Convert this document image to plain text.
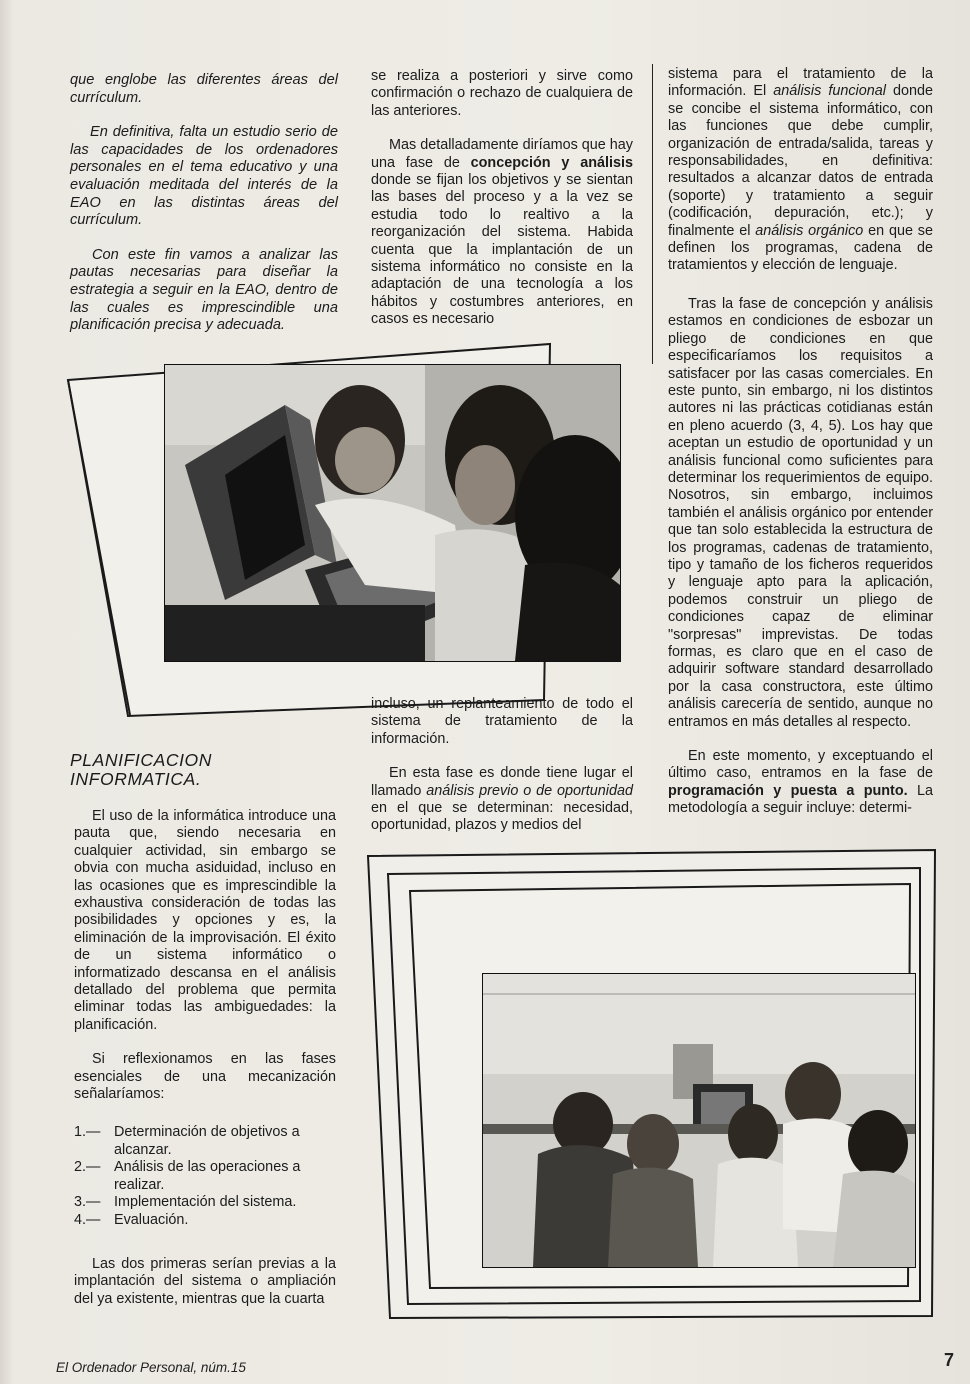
que englobe las diferentes áreas del currículum.

En definitiva, falta un estudio serio de las capacidades de los ordenadores personales en el tema educativo y una evaluación meditada del interés de la EAO en las distintas áreas del currículum.

Con este fin vamos a analizar las pautas necesarias para diseñar la estrategia a seguir en la EAO, dentro de las cuales es imprescindible una planificación precisa y adecuada.

se realiza a posteriori y sirve como confirmación o rechazo de cualquiera de las anteriores.

Mas detalladamente diríamos que hay una fase de concepción y análisis donde se fijan los objetivos y se sientan las bases del proceso y a la vez se estudia todo lo realtivo a la reorganización del sistema. Habida cuenta que la implantación de un sistema informático no consiste en la adaptación de una tecnología a los hábitos y costumbres anteriores, en casos es necesario

sistema para el tratamiento de la información. El análisis funcional donde se concibe el sistema informático, con las funciones que debe cumplir, organización de entrada/salida, tareas y responsabilidades, en definitiva: resultados a alcanzar datos de entrada (soporte) y tratamiento a seguir (codificación, depuración, etc.); y finalmente el análisis orgánico en que se definen los programas, cadena de tratamientos y elección de lenguaje.

Tras la fase de concepción y análisis estamos en condiciones de esbozar un pliego de condiciones en que especificaríamos los requisitos a satisfacer por las casas comerciales. En este punto, sin embargo, ni los distintos autores ni las prácticas cotidianas están en pleno acuerdo (3, 4, 5). Los hay que aceptan un estudio de oportunidad y un análisis funcional como suficientes para determinar los requerimientos de equipo. Nosotros, sin embargo, incluimos también el análisis orgánico por entender que tan solo establecida la estructura de los programas, cadenas de tratamiento, tipo y tamaño de los ficheros requeridos y lenguaje apto para la aplicación, podemos construir un pliego de condiciones capaz de eliminar "sorpresas" imprevistas. De todas formas, es claro que en el caso de adquirir software standard desarrollado por la casa constructora, este último análisis carecería de sentido, aunque no entramos en más detalles al respecto.

En este momento, y exceptuando el último caso, entramos en la fase de programación y puesta a punto. La metodología a seguir incluye: determi-

incluso, un replanteamiento de todo el sistema de tratamiento de la información.

En esta fase es donde tiene lugar el llamado análisis previo o de oportunidad en el que se determinan: necesidad, oportunidad, plazos y medios del

PLANIFICACION
INFORMATICA.

El uso de la informática introduce una pauta que, siendo necesaria en cualquier actividad, sin embargo se obvia con mucha asiduidad, incluso en las ocasiones que es imprescindible la exhaustiva consideración de todas las posibilidades y opciones y es, la eliminación de la improvisación. El éxito de un sistema informático o informatizado descansa en el análisis detallado del problema que permita eliminar todas las ambiguedades: la planificación.

Si reflexionamos en las fases esenciales de una mecanización señalaríamos:

1.— Determinación de objetivos a alcanzar.
2.— Análisis de las operaciones a realizar.
3.— Implementación del sistema.
4.— Evaluación.

Las dos primeras serían previas a la implantación del sistema o ampliación del ya existente, mientras que la cuarta

El Ordenador Personal, núm.15	7
